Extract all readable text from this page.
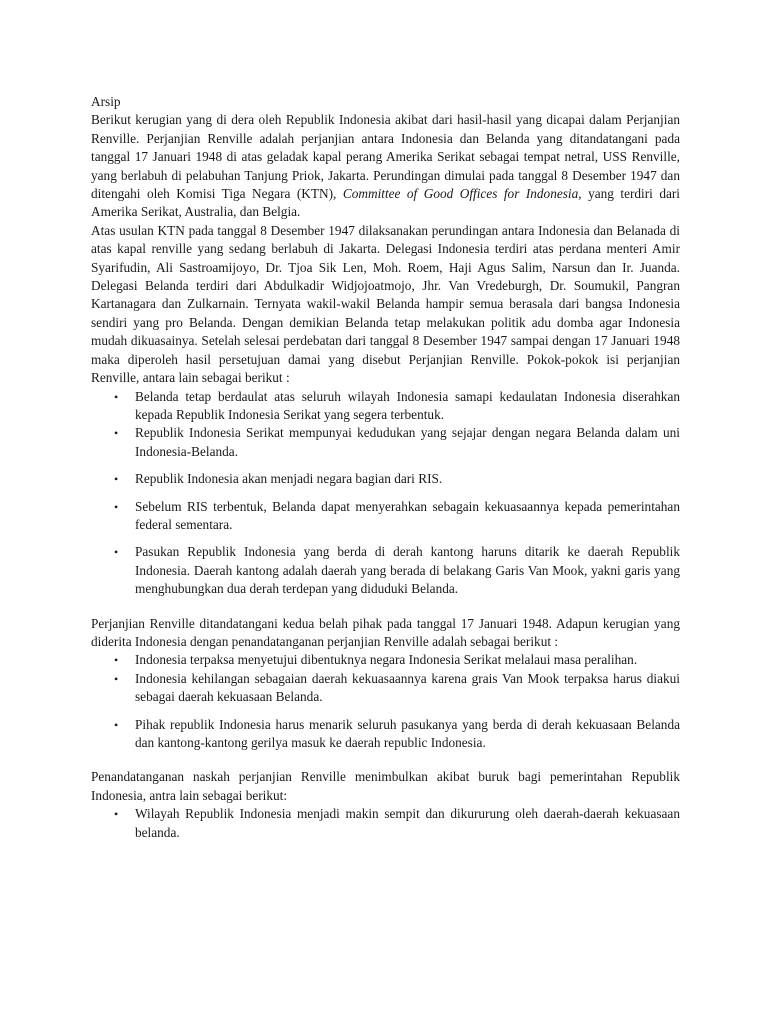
Arsip

Berikut kerugian yang di dera oleh Republik Indonesia akibat dari hasil-hasil yang dicapai dalam Perjanjian Renville. Perjanjian Renville adalah perjanjian antara Indonesia dan Belanda yang ditandatangani pada tanggal 17 Januari 1948 di atas geladak kapal perang Amerika Serikat sebagai tempat netral, USS Renville, yang berlabuh di pelabuhan Tanjung Priok, Jakarta. Perundingan dimulai pada tanggal 8 Desember 1947 dan ditengahi oleh Komisi Tiga Negara (KTN), Committee of Good Offices for Indonesia, yang terdiri dari Amerika Serikat, Australia, dan Belgia.

Atas usulan KTN pada tanggal 8 Desember 1947 dilaksanakan perundingan antara Indonesia dan Belanada di atas kapal renville yang sedang berlabuh di Jakarta. Delegasi Indonesia terdiri atas perdana menteri Amir Syarifudin, Ali Sastroamijoyo, Dr. Tjoa Sik Len, Moh. Roem, Haji Agus Salim, Narsun dan Ir. Juanda. Delegasi Belanda terdiri dari Abdulkadir Widjojoatmojo, Jhr. Van Vredeburgh, Dr. Soumukil, Pangran Kartanagara dan Zulkarnain. Ternyata wakil-wakil Belanda hampir semua berasala dari bangsa Indonesia sendiri yang pro Belanda. Dengan demikian Belanda tetap melakukan politik adu domba agar Indonesia mudah dikuasainya. Setelah selesai perdebatan dari tanggal 8 Desember 1947 sampai dengan 17 Januari 1948 maka diperoleh hasil persetujuan damai yang disebut Perjanjian Renville. Pokok-pokok isi perjanjian Renville, antara lain sebagai berikut :

• Belanda tetap berdaulat atas seluruh wilayah Indonesia samapi kedaulatan Indonesia diserahkan kepada Republik Indonesia Serikat yang segera terbentuk.
• Republik Indonesia Serikat mempunyai kedudukan yang sejajar dengan negara Belanda dalam uni Indonesia-Belanda.
• Republik Indonesia akan menjadi negara bagian dari RIS.
• Sebelum RIS terbentuk, Belanda dapat menyerahkan sebagain kekuasaannya kepada pemerintahan federal sementara.
• Pasukan Republik Indonesia yang berda di derah kantong haruns ditarik ke daerah Republik Indonesia. Daerah kantong adalah daerah yang berada di belakang Garis Van Mook, yakni garis yang menghubungkan dua derah terdepan yang diduduki Belanda.

Perjanjian Renville ditandatangani kedua belah pihak pada tanggal 17 Januari 1948. Adapun kerugian yang diderita Indonesia dengan penandatanganan perjanjian Renville adalah sebagai berikut :

• Indonesia terpaksa menyetujui dibentuknya negara Indonesia Serikat melalaui masa peralihan.
• Indonesia kehilangan sebagaian daerah kekuasaannya karena grais Van Mook terpaksa harus diakui sebagai daerah kekuasaan Belanda.
• Pihak republik Indonesia harus menarik seluruh pasukanya yang berda di derah kekuasaan Belanda dan kantong-kantong gerilya masuk ke daerah republic Indonesia.

Penandatanganan naskah perjanjian Renville menimbulkan akibat buruk bagi pemerintahan Republik Indonesia, antra lain sebagai berikut:

• Wilayah Republik Indonesia menjadi makin sempit dan dikururung oleh daerah-daerah kekuasaan belanda.
